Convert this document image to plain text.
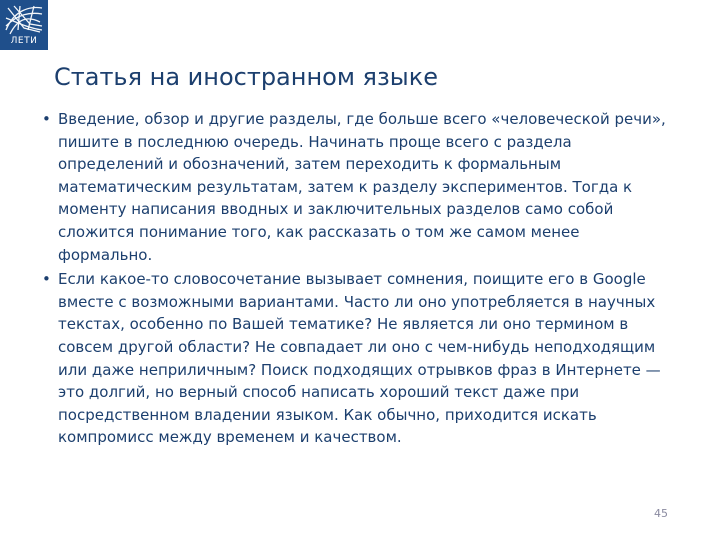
ЛЕТИ
Статья на иностранном языке
• Введение, обзор и другие разделы, где больше всего «человеческой речи», пишите в последнюю очередь. Начинать проще всего с раздела определений и обозначений, затем переходить к формальным математическим результатам, затем к разделу экспериментов. Тогда к моменту написания вводных и заключительных разделов само собой сложится понимание того, как рассказать о том же самом менее формально.
• Если какое-то словосочетание вызывает сомнения, поищите его в Google вместе с возможными вариантами. Часто ли оно употребляется в научных текстах, особенно по Вашей тематике? Не является ли оно термином в совсем другой области? Не совпадает ли оно с чем-нибудь неподходящим или даже неприличным? Поиск подходящих отрывков фраз в Интернете — это долгий, но верный способ написать хороший текст даже при посредственном владении языком. Как обычно, приходится искать компромисс между временем и качеством.
45
